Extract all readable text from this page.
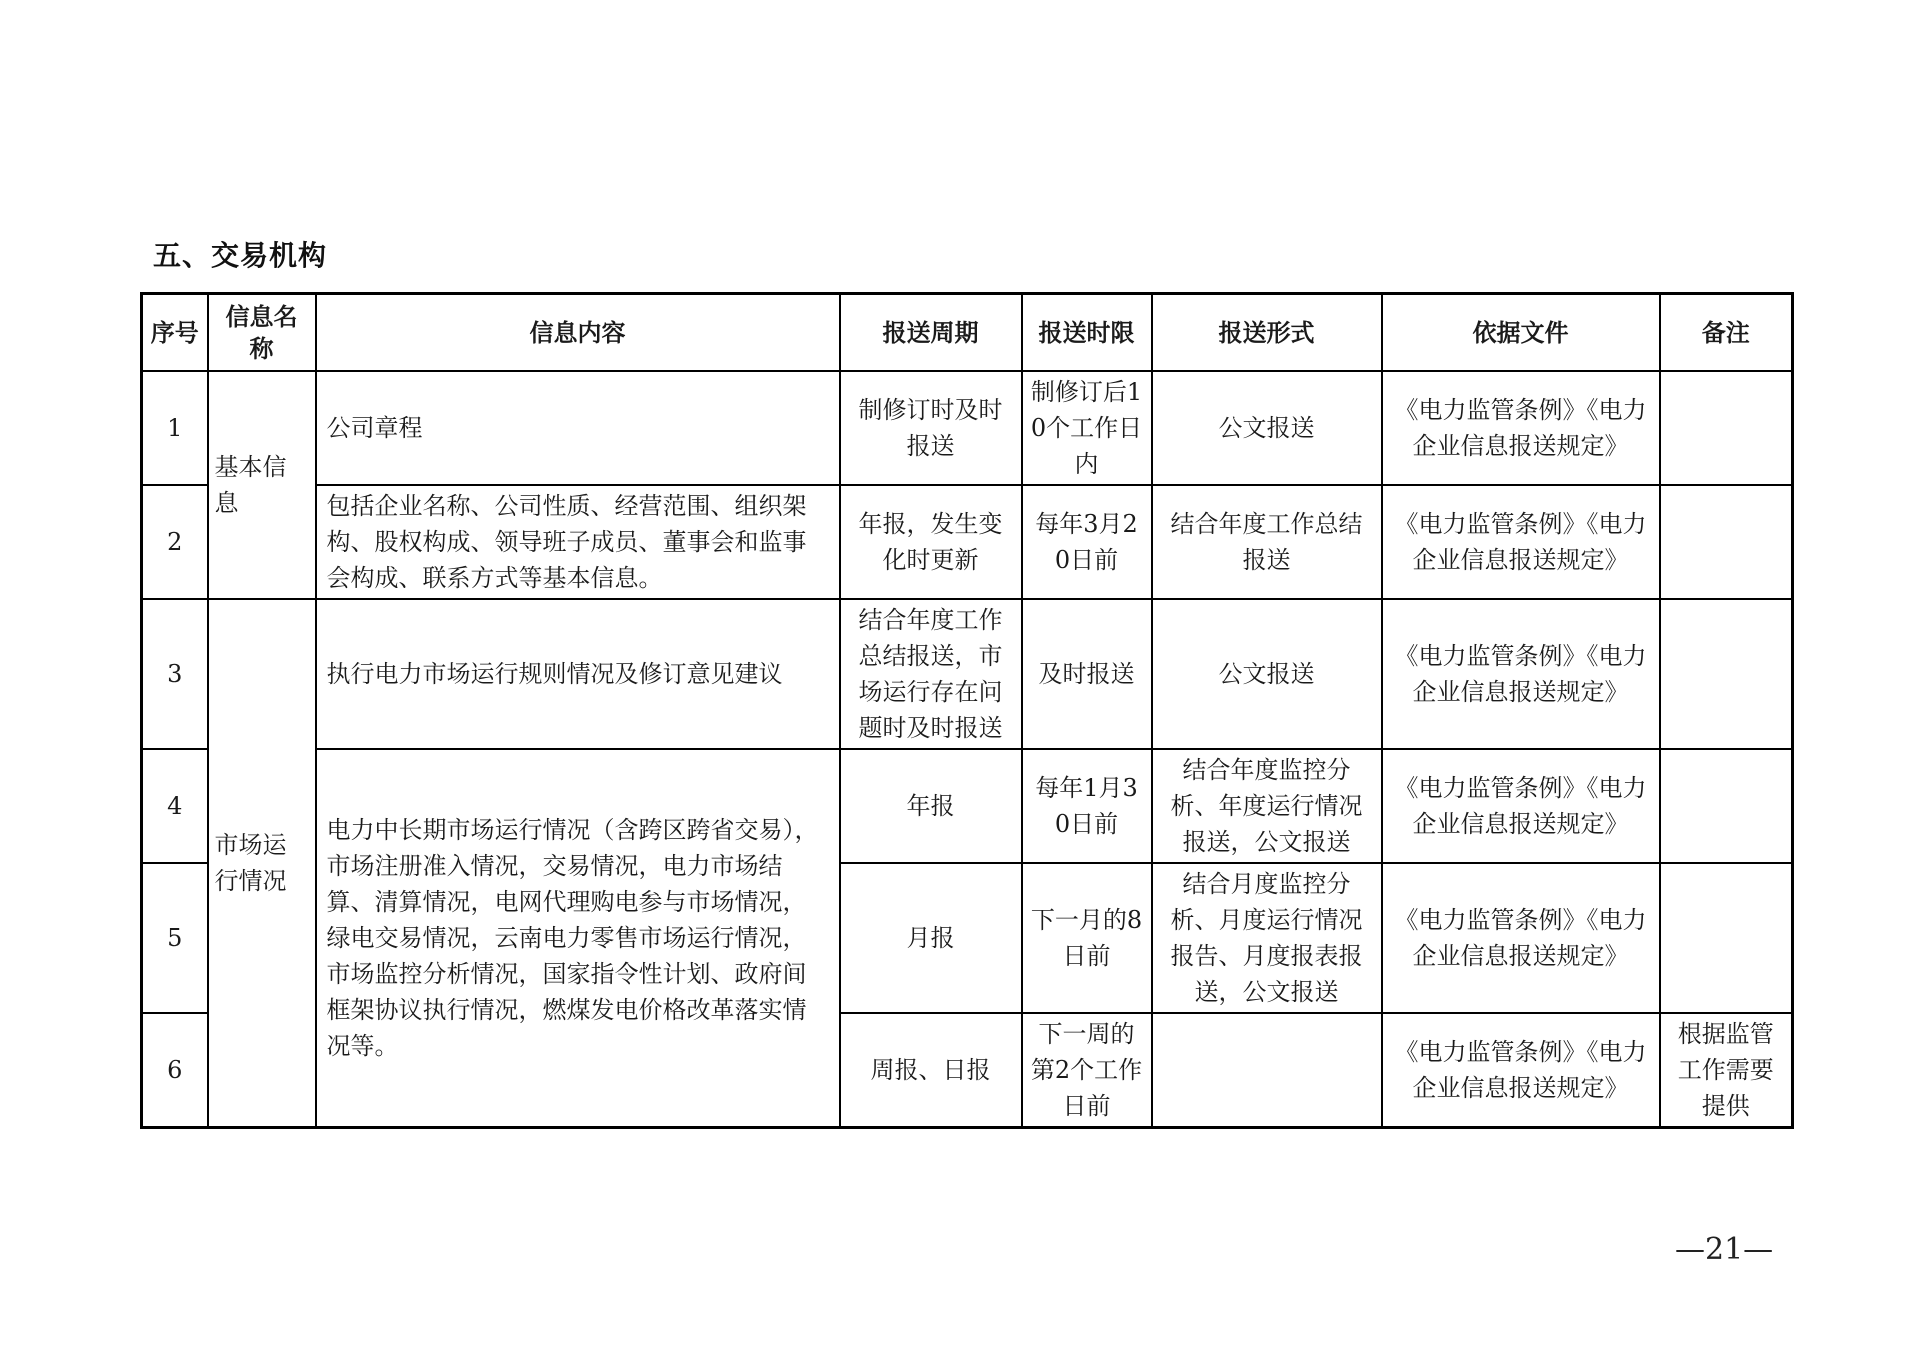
五、交易机构
序号	信息名称	信息内容	报送周期	报送时限	报送形式	依据文件	备注
1	基本信息	公司章程	制修订时及时报送	制修订后10个工作日内	公文报送	《电力监管条例》《电力企业信息报送规定》	
2		包括企业名称、公司性质、经营范围、组织架构、股权构成、领导班子成员、董事会和监事会构成、联系方式等基本信息。	年报，发生变化时更新	每年3月20日前	结合年度工作总结报送	《电力监管条例》《电力企业信息报送规定》	
3	市场运行情况	执行电力市场运行规则情况及修订意见建议	结合年度工作总结报送，市场运行存在问题时及时报送	及时报送	公文报送	《电力监管条例》《电力企业信息报送规定》	
4		电力中长期市场运行情况（含跨区跨省交易），市场注册准入情况，交易情况，电力市场结算、清算情况，电网代理购电参与市场情况，绿电交易情况，云南电力零售市场运行情况，市场监控分析情况，国家指令性计划、政府间框架协议执行情况，燃煤发电价格改革落实情况等。	年报	每年1月30日前	结合年度监控分析、年度运行情况报送，公文报送	《电力监管条例》《电力企业信息报送规定》	
5			月报	下一月的8日前	结合月度监控分析、月度运行情况报告、月度报表报送，公文报送	《电力监管条例》《电力企业信息报送规定》	
6			周报、日报	下一周的第2个工作日前		《电力监管条例》《电力企业信息报送规定》	根据监管工作需要提供
—21—
